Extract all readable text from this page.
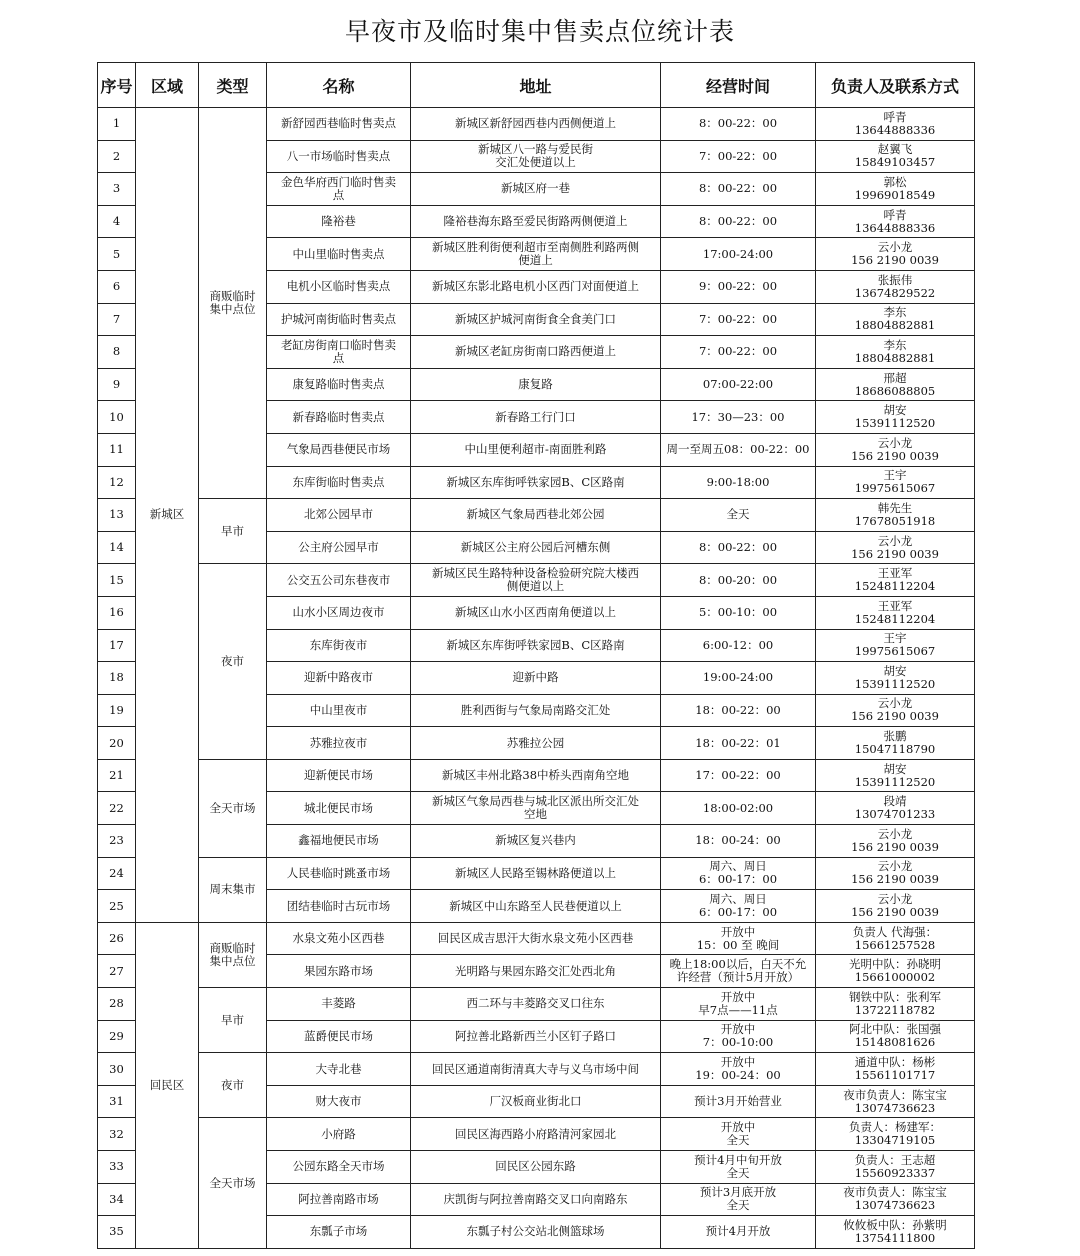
早夜市及临时集中售卖点位统计表
序号	区域	类型	名称	地址	经营时间	负责人及联系方式
1	新城区	商贩临时
集中点位	新舒园西巷临时售卖点	新城区新舒园西巷内西侧便道上	8：00-22：00	呼青
13644888336
2			八一市场临时售卖点	新城区八一路与爱民街
交汇处便道以上	7：00-22：00	赵翼飞
15849103457
3			金色华府西门临时售卖
点	新城区府一巷	8：00-22：00	郭松
19969018549
4			隆裕巷	隆裕巷海东路至爱民街路两侧便道上	8：00-22：00	呼青
13644888336
5			中山里临时售卖点	新城区胜利街便利超市至南侧胜利路两侧
便道上	17:00-24:00	云小龙
156 2190 0039
6			电机小区临时售卖点	新城区东影北路电机小区西门对面便道上	9：00-22：00	张振伟
13674829522
7			护城河南街临时售卖点	新城区护城河南街食全食美门口	7：00-22：00	李东
18804882881
8			老缸房街南口临时售卖
点	新城区老缸房街南口路西便道上	7：00-22：00	李东
18804882881
9			康复路临时售卖点	康复路	07:00-22:00	邢超
18686088805
10			新春路临时售卖点	新春路工行门口	17：30—23：00	胡安
15391112520
11			气象局西巷便民市场	中山里便利超市-南面胜利路	周一至周五08：00-22：00	云小龙
156 2190 0039
12			东库街临时售卖点	新城区东库街呼铁家园B、C区路南	9:00-18:00	王宇
19975615067
13		早市	北郊公园早市	新城区气象局西巷北郊公园	全天	韩先生
17678051918
14			公主府公园早市	新城区公主府公园后河槽东侧	8：00-22：00	云小龙
156 2190 0039
15		夜市	公交五公司东巷夜市	新城区民生路特种设备检验研究院大楼西
侧便道以上	8：00-20：00	王亚军
15248112204
16			山水小区周边夜市	新城区山水小区西南角便道以上	5：00-10：00	王亚军
15248112204
17			东库街夜市	新城区东库街呼铁家园B、C区路南	6:00-12：00	王宇
19975615067
18			迎新中路夜市	迎新中路	19:00-24:00	胡安
15391112520
19			中山里夜市	胜利西街与气象局南路交汇处	18：00-22：00	云小龙
156 2190 0039
20			苏雅拉夜市	苏雅拉公园	18：00-22：01	张鹏
15047118790
21		全天市场	迎新便民市场	新城区丰州北路38中桥头西南角空地	17：00-22：00	胡安
15391112520
22			城北便民市场	新城区气象局西巷与城北区派出所交汇处
空地	18:00-02:00	段靖
13074701233
23			鑫福地便民市场	新城区复兴巷内	18：00-24：00	云小龙
156 2190 0039
24		周末集市	人民巷临时跳蚤市场	新城区人民路至锡林路便道以上	周六、周日
6：00-17：00	云小龙
156 2190 0039
25			团结巷临时古玩市场	新城区中山东路至人民巷便道以上	周六、周日
6：00-17：00	云小龙
156 2190 0039
26	回民区	商贩临时
集中点位	水泉文苑小区西巷	回民区成吉思汗大街水泉文苑小区西巷	开放中
15：00 至 晚间	负责人 代海强：
15661257528
27			果园东路市场	光明路与果园东路交汇处西北角	晚上18:00以后，白天不允
许经营（预计5月开放）	光明中队：孙晓明
15661000002
28		早市	丰菱路	西二环与丰菱路交叉口往东	开放中
早7点——11点	钢铁中队：张利军
13722118782
29			蓝爵便民市场	阿拉善北路新西兰小区钉子路口	开放中
7：00-10:00	阿北中队：张国强
15148081626
30		夜市	大寺北巷	回民区通道南街清真大寺与义乌市场中间	开放中
19：00-24：00	通道中队：杨彬
15561101717
31			财大夜市	厂汉板商业街北口	预计3月开始营业	夜市负责人：陈宝宝
13074736623
32		全天市场	小府路	回民区海西路小府路清河家园北	开放中
全天	负责人：杨建军：
13304719105
33			公园东路全天市场	回民区公园东路	预计4月中旬开放
全天	负责人：王志超
15560923337
34			阿拉善南路市场	庆凯街与阿拉善南路交叉口向南路东	预计3月底开放
全天	夜市负责人：陈宝宝
13074736623
35			东瓢子市场	东瓢子村公交站北侧篮球场	预计4月开放	攸攸板中队：孙紫明
13754111800
